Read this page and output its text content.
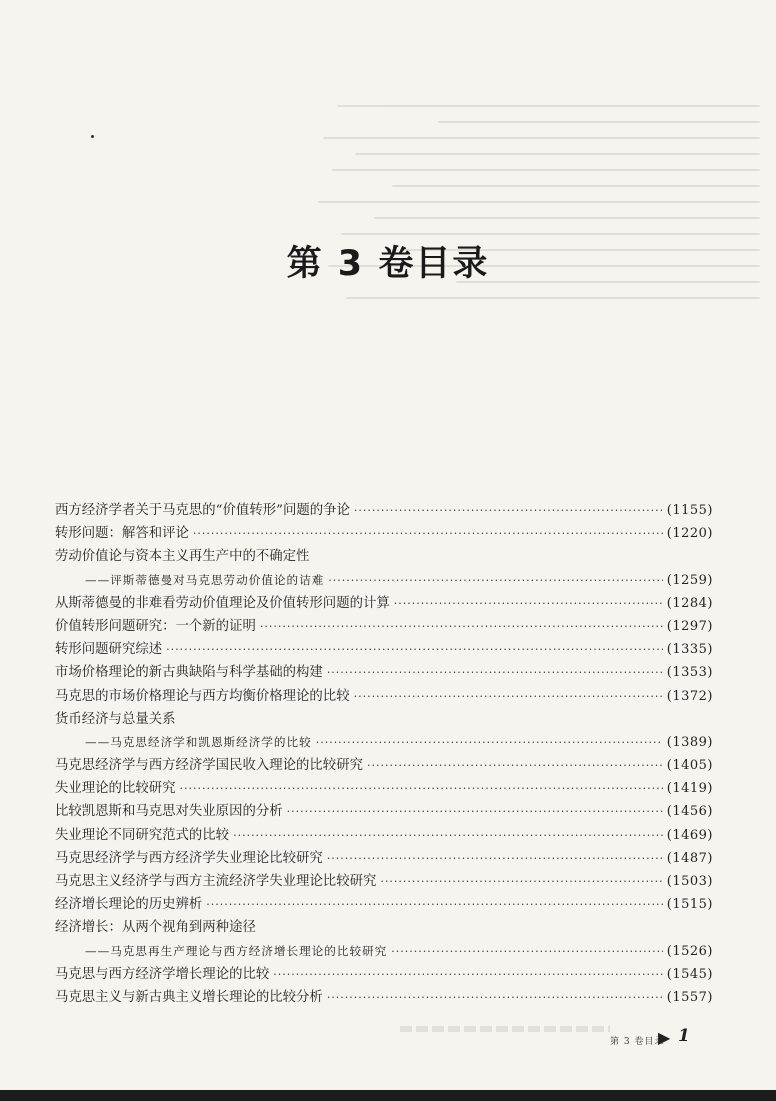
第 3 卷目录
西方经济学者关于马克思的“价值转形”问题的争论 ·····	(1155)
转形问题：解答和评论 ·····	(1220)
劳动价值论与资本主义再生产中的不确定性
——评斯蒂德曼对马克思劳动价值论的诘难 ·····	(1259)
从斯蒂德曼的非难看劳动价值理论及价值转形问题的计算 ·····	(1284)
价值转形问题研究：一个新的证明 ·····	(1297)
转形问题研究综述 ·····	(1335)
市场价格理论的新古典缺陷与科学基础的构建 ·····	(1353)
马克思的市场价格理论与西方均衡价格理论的比较 ·····	(1372)
货币经济与总量关系
——马克思经济学和凯恩斯经济学的比较 ·····	(1389)
马克思经济学与西方经济学国民收入理论的比较研究 ·····	(1405)
失业理论的比较研究 ·····	(1419)
比较凯恩斯和马克思对失业原因的分析 ·····	(1456)
失业理论不同研究范式的比较 ·····	(1469)
马克思经济学与西方经济学失业理论比较研究 ·····	(1487)
马克思主义经济学与西方主流经济学失业理论比较研究 ·····	(1503)
经济增长理论的历史辨析 ·····	(1515)
经济增长：从两个视角到两种途径
——马克思再生产理论与西方经济增长理论的比较研究 ·····	(1526)
马克思与西方经济学增长理论的比较 ·····	(1545)
马克思主义与新古典主义增长理论的比较分析 ·····	(1557)
第 3 卷目录
▶ 1
